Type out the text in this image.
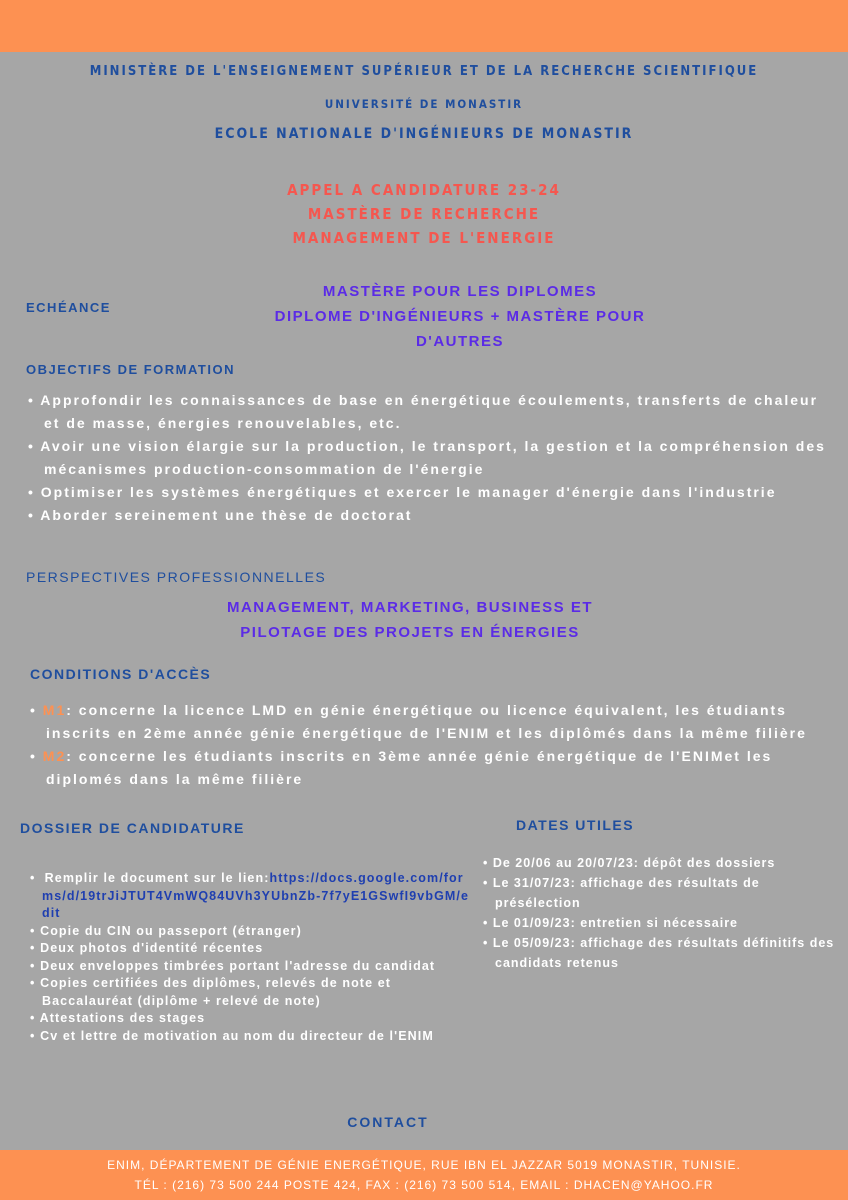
MINISTÈRE DE L'ENSEIGNEMENT SUPÉRIEUR ET DE LA RECHERCHE SCIENTIFIQUE
UNIVERSITÉ DE MONASTIR
ECOLE NATIONALE D'INGÉNIEURS DE MONASTIR
APPEL A CANDIDATURE 23-24
MASTÈRE DE RECHERCHE
MANAGEMENT DE L'ENERGIE
ECHÉANCE
MASTÈRE POUR LES DIPLOMES
DIPLOME D'INGÉNIEURS + MASTÈRE POUR
D'AUTRES
OBJECTIFS DE FORMATION
• Approfondir les connaissances de base en énergétique écoulements, transferts de chaleur et de masse, énergies renouvelables, etc.
• Avoir une vision élargie sur la production, le transport, la gestion et la compréhension des mécanismes production-consommation de l'énergie
• Optimiser les systèmes énergétiques et exercer le manager d'énergie dans l'industrie
• Aborder sereinement une thèse de doctorat
PERSPECTIVES PROFESSIONNELLES
MANAGEMENT, MARKETING, BUSINESS ET
PILOTAGE DES PROJETS EN ÉNERGIES
CONDITIONS D'ACCÈS
• M1: concerne la licence LMD en génie énergétique ou licence équivalent, les étudiants inscrits en 2ème année génie énergétique de l'ENIM et les diplômés dans la même filière
• M2: concerne les étudiants inscrits en 3ème année génie énergétique de l'ENIMet les diplomés dans la même filière
DOSSIER DE CANDIDATURE
• Remplir le document sur le lien:https://docs.google.com/forms/d/19trJiJTUT4VmWQ84UVh3YUbnZb-7f7yE1GSwfI9vbGM/edit
• Copie du CIN ou passeport (étranger)
• Deux photos d'identité récentes
• Deux enveloppes timbrées portant l'adresse du candidat
• Copies certifiées des diplômes, relevés de note et Baccalauréat (diplôme + relevé de note)
• Attestations des stages
• Cv et lettre de motivation au nom du directeur de l'ENIM
DATES UTILES
• De 20/06 au 20/07/23: dépôt des dossiers
• Le 31/07/23: affichage des résultats de présélection
• Le 01/09/23: entretien si nécessaire
• Le 05/09/23: affichage des résultats définitifs des candidats retenus
CONTACT
ENIM, DÉPARTEMENT DE GÉNIE ENERGÉTIQUE, RUE IBN EL JAZZAR 5019 MONASTIR, TUNISIE.
TÉL : (216) 73 500 244 POSTE 424, FAX : (216) 73 500 514, EMAIL : DHACEN@YAHOO.FR
